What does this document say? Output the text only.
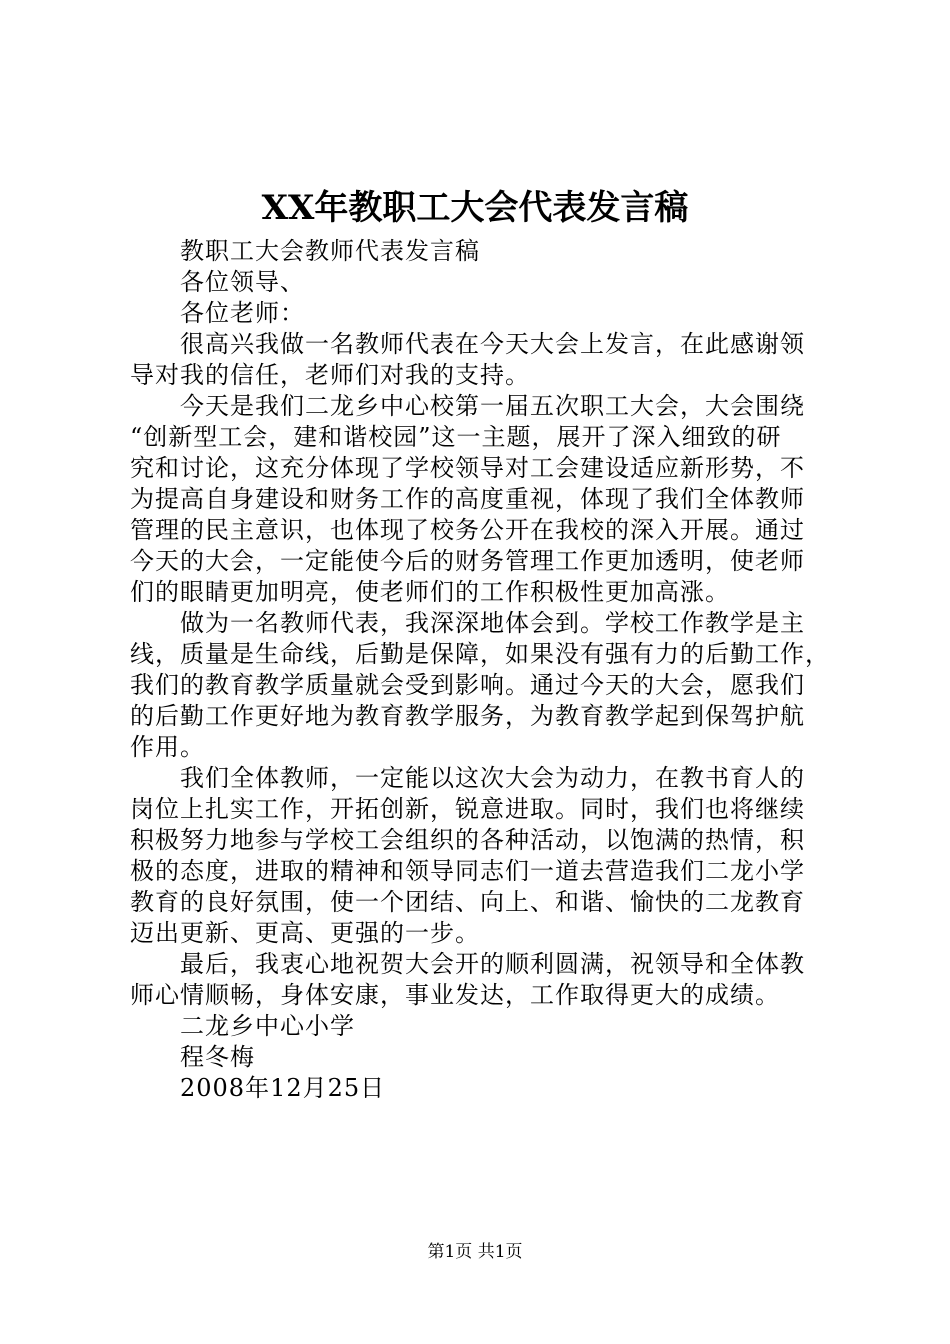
XX年教职工大会代表发言稿

教职工大会教师代表发言稿

各位领导、

各位老师：

很高兴我做一名教师代表在今天大会上发言，在此感谢领

导对我的信任，老师们对我的支持。

今天是我们二龙乡中心校第一届五次职工大会，大会围绕

“创新型工会，建和谐校园”这一主题，展开了深入细致的研

究和讨论，这充分体现了学校领导对工会建设适应新形势，不

为提高自身建设和财务工作的高度重视，体现了我们全体教师

管理的民主意识，也体现了校务公开在我校的深入开展。通过

今天的大会，一定能使今后的财务管理工作更加透明，使老师

们的眼睛更加明亮，使老师们的工作积极性更加高涨。

做为一名教师代表，我深深地体会到。学校工作教学是主

线，质量是生命线，后勤是保障，如果没有强有力的后勤工作，

我们的教育教学质量就会受到影响。通过今天的大会，愿我们

的后勤工作更好地为教育教学服务，为教育教学起到保驾护航

作用。

我们全体教师，一定能以这次大会为动力，在教书育人的

岗位上扎实工作，开拓创新，锐意进取。同时，我们也将继续

积极努力地参与学校工会组织的各种活动，以饱满的热情，积

极的态度，进取的精神和领导同志们一道去营造我们二龙小学

教育的良好氛围，使一个团结、向上、和谐、愉快的二龙教育

迈出更新、更高、更强的一步。

最后，我衷心地祝贺大会开的顺利圆满，祝领导和全体教

师心情顺畅，身体安康，事业发达，工作取得更大的成绩。

二龙乡中心小学

程冬梅

2008年12月25日

第1页 共1页
